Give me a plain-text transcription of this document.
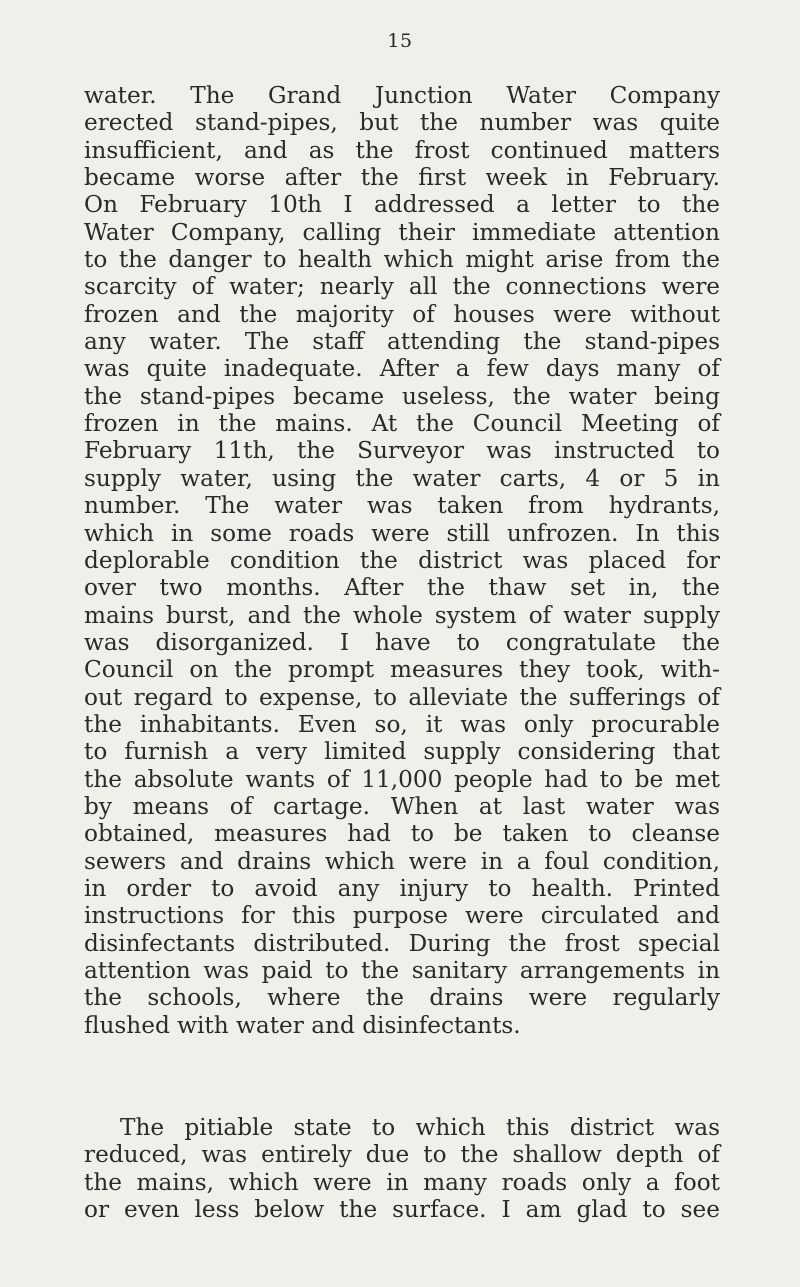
15
water. The Grand Junction Water Company
erected stand-pipes, but the number was quite
insufficient, and as the frost continued matters
became worse after the first week in February.
On February 10th I addressed a letter to the
Water Company, calling their immediate attention
to the danger to health which might arise from the
scarcity of water; nearly all the connections were
frozen and the majority of houses were without
any water. The staff attending the stand-pipes
was quite inadequate. After a few days many of
the stand-pipes became useless, the water being
frozen in the mains. At the Council Meeting of
February 11th, the Surveyor was instructed to
supply water, using the water carts, 4 or 5 in
number. The water was taken from hydrants,
which in some roads were still unfrozen. In this
deplorable condition the district was placed for
over two months. After the thaw set in, the
mains burst, and the whole system of water supply
was disorganized. I have to congratulate the
Council on the prompt measures they took, with-
out regard to expense, to alleviate the sufferings of
the inhabitants. Even so, it was only procurable
to furnish a very limited supply considering that
the absolute wants of 11,000 people had to be met
by means of cartage. When at last water was
obtained, measures had to be taken to cleanse
sewers and drains which were in a foul condition,
in order to avoid any injury to health. Printed
instructions for this purpose were circulated and
disinfectants distributed. During the frost special
attention was paid to the sanitary arrangements in
the schools, where the drains were regularly
flushed with water and disinfectants.
The pitiable state to which this district was
reduced, was entirely due to the shallow depth of
the mains, which were in many roads only a foot
or even less below the surface. I am glad to see
